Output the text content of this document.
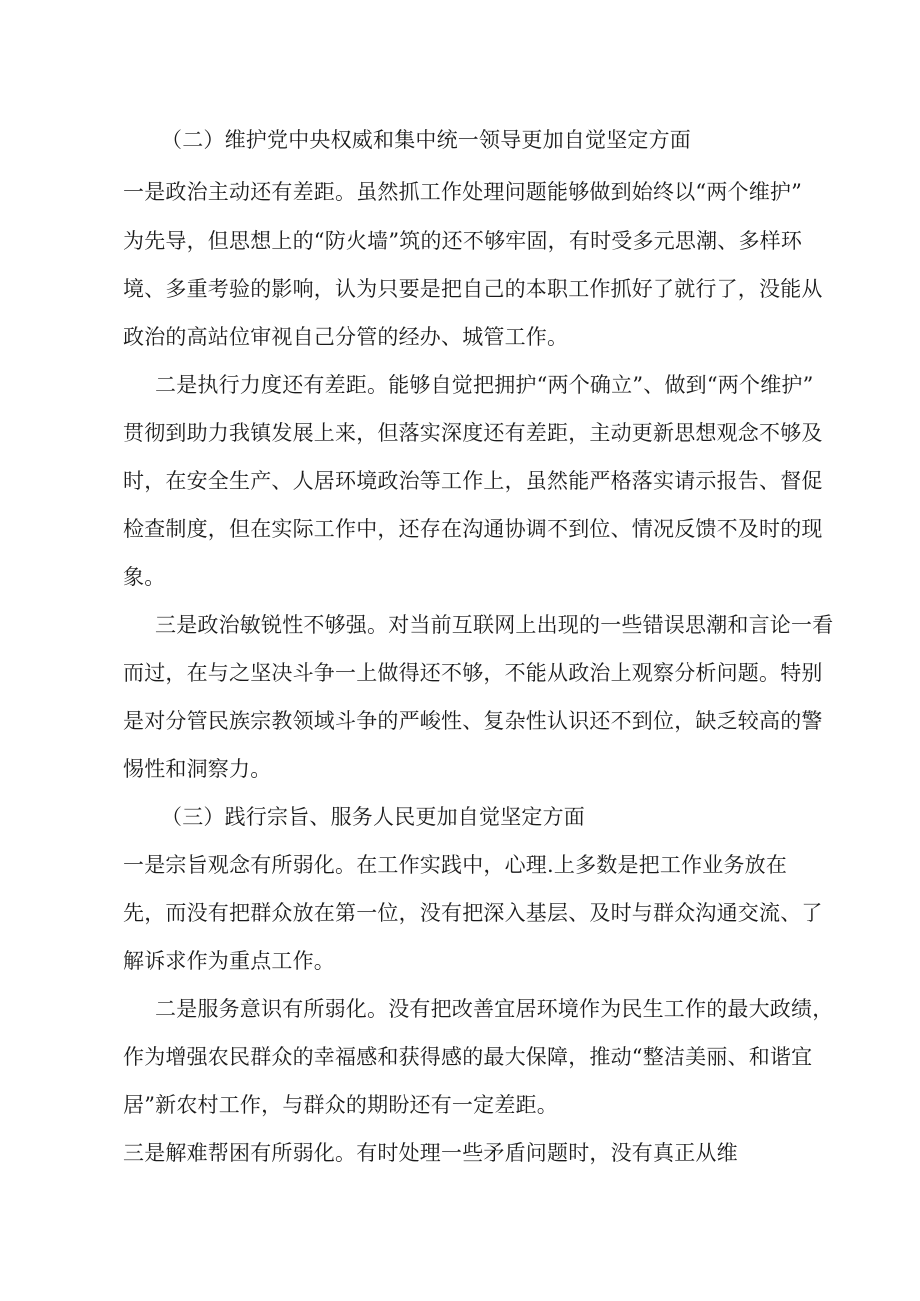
（二）维护党中央权威和集中统一领导更加自觉坚定方面
一是政治主动还有差距。虽然抓工作处理问题能够做到始终以“两个维护”
为先导，但思想上的“防火墙”筑的还不够牢固，有时受多元思潮、多样环
境、多重考验的影响，认为只要是把自己的本职工作抓好了就行了，没能从
政治的高站位审视自己分管的经办、城管工作。
二是执行力度还有差距。能够自觉把拥护“两个确立”、做到“两个维护”
贯彻到助力我镇发展上来，但落实深度还有差距，主动更新思想观念不够及
时，在安全生产、人居环境政治等工作上，虽然能严格落实请示报告、督促
检查制度，但在实际工作中，还存在沟通协调不到位、情况反馈不及时的现
象。
三是政治敏锐性不够强。对当前互联网上出现的一些错误思潮和言论一看
而过，在与之坚决斗争一上做得还不够，不能从政治上观察分析问题。特别
是对分管民族宗教领域斗争的严峻性、复杂性认识还不到位，缺乏较高的警
惕性和洞察力。
（三）践行宗旨、服务人民更加自觉坚定方面
一是宗旨观念有所弱化。在工作实践中，心理.上多数是把工作业务放在
先，而没有把群众放在第一位，没有把深入基层、及时与群众沟通交流、了
解诉求作为重点工作。
二是服务意识有所弱化。没有把改善宜居环境作为民生工作的最大政绩，
作为增强农民群众的幸福感和获得感的最大保障，推动“整洁美丽、和谐宜
居”新农村工作，与群众的期盼还有一定差距。
三是解难帮困有所弱化。有时处理一些矛盾问题时，没有真正从维
